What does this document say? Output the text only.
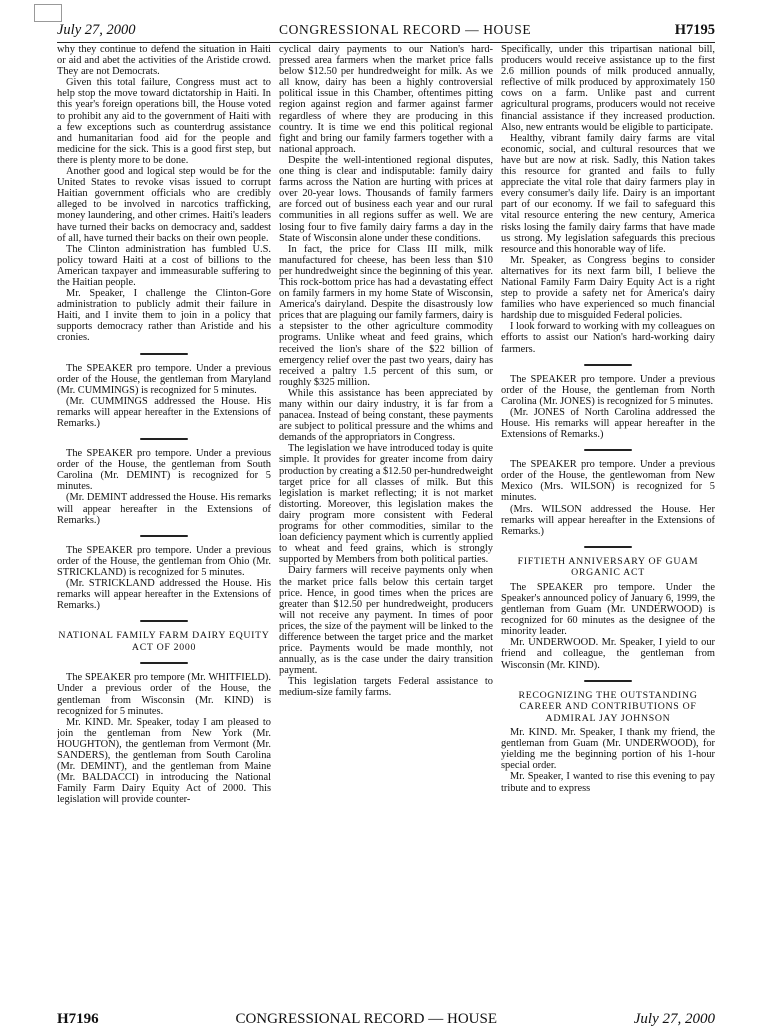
July 27, 2000	CONGRESSIONAL RECORD — HOUSE	H7195

why they continue to defend the situation in Haiti or aid and abet the activities of the Aristide crowd. They are not Democrats.

Given this total failure, Congress must act to help stop the move toward dictatorship in Haiti. In this year's foreign operations bill, the House voted to prohibit any aid to the government of Haiti with a few exceptions such as counterdrug assistance and humanitarian food aid for the people and medicine for the sick. This is a good first step, but there is plenty more to be done.

Another good and logical step would be for the United States to revoke visas issued to corrupt Haitian government officials who are credibly alleged to be involved in narcotics trafficking, money laundering, and other crimes. Haiti's leaders have turned their backs on democracy and, saddest of all, have turned their backs on their own people.

The Clinton administration has fumbled U.S. policy toward Haiti at a cost of billions to the American taxpayer and immeasurable suffering to the Haitian people.

Mr. Speaker, I challenge the Clinton-Gore administration to publicly admit their failure in Haiti, and I invite them to join in a policy that supports democracy rather than Aristide and his cronies.

The SPEAKER pro tempore. Under a previous order of the House, the gentleman from Maryland (Mr. CUMMINGS) is recognized for 5 minutes.

(Mr. CUMMINGS addressed the House. His remarks will appear hereafter in the Extensions of Remarks.)

The SPEAKER pro tempore. Under a previous order of the House, the gentleman from South Carolina (Mr. DEMINT) is recognized for 5 minutes.

(Mr. DEMINT addressed the House. His remarks will appear hereafter in the Extensions of Remarks.)

The SPEAKER pro tempore. Under a previous order of the House, the gentleman from Ohio (Mr. STRICKLAND) is recognized for 5 minutes.

(Mr. STRICKLAND addressed the House. His remarks will appear hereafter in the Extensions of Remarks.)

NATIONAL FAMILY FARM DAIRY EQUITY ACT OF 2000

The SPEAKER pro tempore (Mr. WHITFIELD). Under a previous order of the House, the gentleman from Wisconsin (Mr. KIND) is recognized for 5 minutes.

Mr. KIND. Mr. Speaker, today I am pleased to join the gentleman from New York (Mr. HOUGHTON), the gentleman from Vermont (Mr. SANDERS), the gentleman from South Carolina (Mr. DEMINT), and the gentleman from Maine (Mr. BALDACCI) in introducing the National Family Farm Dairy Equity Act of 2000. This legislation will provide counter-

cyclical dairy payments to our Nation's hard-pressed area farmers when the market price falls below $12.50 per hundredweight for milk. As we all know, dairy has been a highly controversial political issue in this Chamber, oftentimes pitting region against region and farmer against farmer regardless of where they are producing in this country. It is time we end this political regional fight and bring our family farmers together with a national approach.

Despite the well-intentioned regional disputes, one thing is clear and indisputable: family dairy farms across the Nation are hurting with prices at over 20-year lows. Thousands of family farmers are forced out of business each year and our rural communities in all regions suffer as well. We are losing four to five family dairy farms a day in the State of Wisconsin alone under these conditions.

In fact, the price for Class III milk, milk manufactured for cheese, has been less than $10 per hundredweight since the beginning of this year. This rock-bottom price has had a devastating effect on family farmers in my home State of Wisconsin, America's dairyland. Despite the disastrously low prices that are plaguing our family farmers, dairy is a stepsister to the other agriculture commodity programs. Unlike wheat and feed grains, which received the lion's share of the $22 billion of emergency relief over the past two years, dairy has received a paltry 1.5 percent of this sum, or roughly $325 million.

While this assistance has been appreciated by many within our dairy industry, it is far from a panacea. Instead of being constant, these payments are subject to political pressure and the whims and demands of the appropriators in Congress.

The legislation we have introduced today is quite simple. It provides for greater income from dairy production by creating a $12.50 per-hundredweight target price for all classes of milk. But this legislation is market reflecting; it is not market distorting. Moreover, this legislation makes the dairy program more consistent with Federal programs for other commodities, similar to the loan deficiency payment which is currently applied to wheat and feed grains, which is strongly supported by Members from both political parties.

Dairy farmers will receive payments only when the market price falls below this certain target price. Hence, in good times when the prices are greater than $12.50 per hundredweight, producers will not receive any payment. In times of poor prices, the size of the payment will be linked to the difference between the target price and the market price. Payments would be made monthly, not annually, as is the case under the dairy transition payment.

This legislation targets Federal assistance to medium-size family farms.

Specifically, under this tripartisan national bill, producers would receive assistance up to the first 2.6 million pounds of milk produced annually, reflective of milk produced by approximately 150 cows on a farm. Unlike past and current agricultural programs, producers would not receive financial assistance if they increased production. Also, new entrants would be eligible to participate.

Healthy, vibrant family dairy farms are vital economic, social, and cultural resources that we have but are now at risk. Sadly, this Nation takes this resource for granted and fails to fully appreciate the vital role that dairy farmers play in every consumer's daily life. Dairy is an important part of our economy. If we fail to safeguard this vital resource entering the new century, America risks losing the family dairy farms that have made us strong. My legislation safeguards this precious resource and this honorable way of life.

Mr. Speaker, as Congress begins to consider alternatives for its next farm bill, I believe the National Family Farm Dairy Equity Act is a right step to provide a safety net for America's dairy families who have experienced so much financial hardship due to misguided Federal policies.

I look forward to working with my colleagues on efforts to assist our Nation's hard-working dairy farmers.

The SPEAKER pro tempore. Under a previous order of the House, the gentleman from North Carolina (Mr. JONES) is recognized for 5 minutes.

(Mr. JONES of North Carolina addressed the House. His remarks will appear hereafter in the Extensions of Remarks.)

The SPEAKER pro tempore. Under a previous order of the House, the gentlewoman from New Mexico (Mrs. WILSON) is recognized for 5 minutes.

(Mrs. WILSON addressed the House. Her remarks will appear hereafter in the Extensions of Remarks.)

FIFTIETH ANNIVERSARY OF GUAM ORGANIC ACT

The SPEAKER pro tempore. Under the Speaker's announced policy of January 6, 1999, the gentleman from Guam (Mr. UNDERWOOD) is recognized for 60 minutes as the designee of the minority leader.

Mr. UNDERWOOD. Mr. Speaker, I yield to our friend and colleague, the gentleman from Wisconsin (Mr. KIND).

RECOGNIZING THE OUTSTANDING CAREER AND CONTRIBUTIONS OF ADMIRAL JAY JOHNSON

Mr. KIND. Mr. Speaker, I thank my friend, the gentleman from Guam (Mr. UNDERWOOD), for yielding me the beginning portion of his 1-hour special order.

Mr. Speaker, I wanted to rise this evening to pay tribute and to express

H7196	CONGRESSIONAL RECORD — HOUSE	July 27, 2000
